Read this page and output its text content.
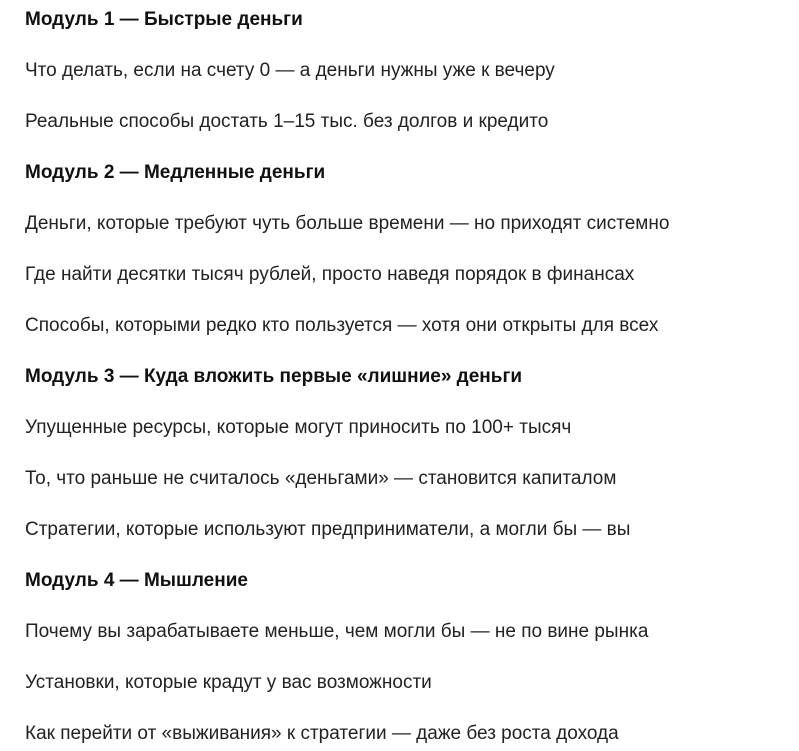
Модуль 1 — Быстрые деньги
Что делать, если на счету 0 — а деньги нужны уже к вечеру
Реальные способы достать 1–15 тыс. без долгов и кредито
Модуль 2 — Медленные деньги
Деньги, которые требуют чуть больше времени — но приходят системно
Где найти десятки тысяч рублей, просто наведя порядок в финансах
Способы, которыми редко кто пользуется — хотя они открыты для всех
Модуль 3 — Куда вложить первые «лишние» деньги
Упущенные ресурсы, которые могут приносить по 100+ тысяч
То, что раньше не считалось «деньгами» — становится капиталом
Стратегии, которые используют предприниматели, а могли бы — вы
Модуль 4 — Мышление
Почему вы зарабатываете меньше, чем могли бы — не по вине рынка
Установки, которые крадут у вас возможности
Как перейти от «выживания» к стратегии — даже без роста дохода
